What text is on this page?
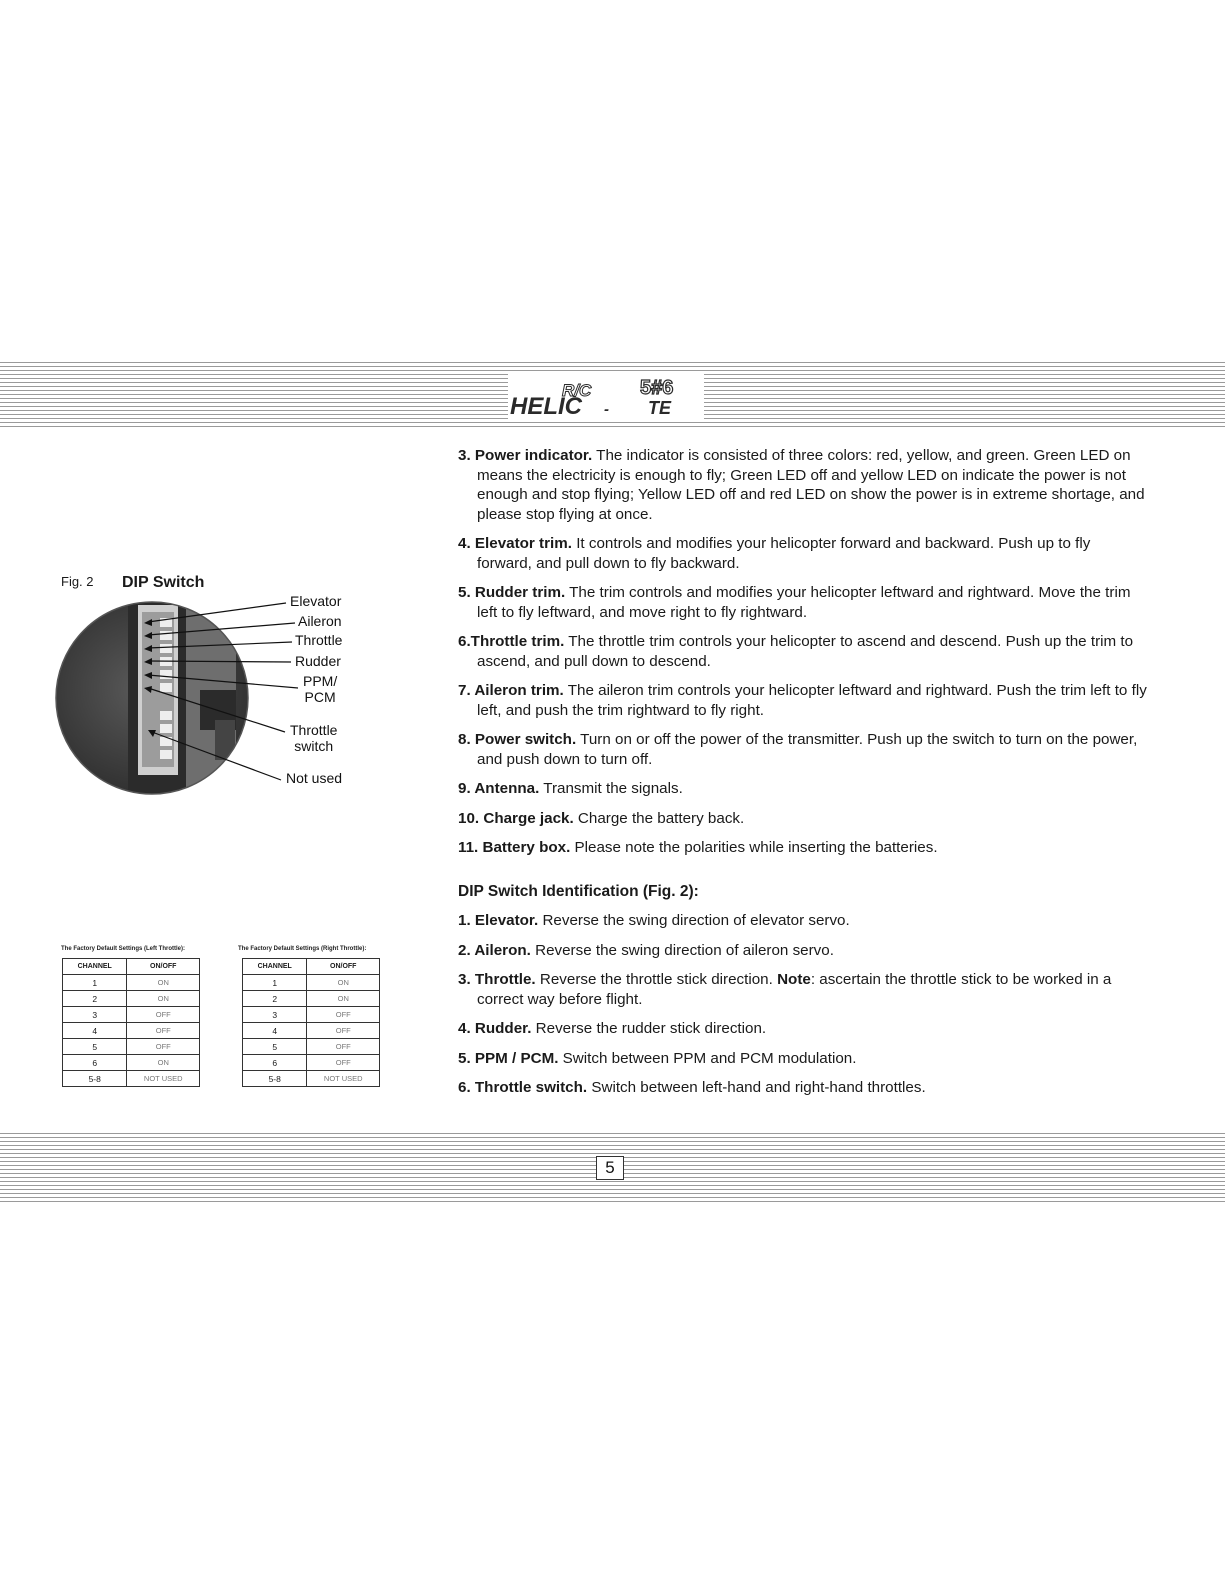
HELIC - TE
R/C 5#6
Fig. 2 DIP Switch
Elevator
Aileron
Throttle
Rudder
PPM/
PCM
Throttle
switch
Not used
The Factory Default Settings (Left Throttle):
CHANNEL	ON/OFF
1	ON
2	ON
3	OFF
4	OFF
5	OFF
6	ON
5-8	NOT USED
The Factory Default Settings (Right Throttle):
CHANNEL	ON/OFF
1	ON
2	ON
3	OFF
4	OFF
5	OFF
6	OFF
5-8	NOT USED
3. Power indicator. The indicator is consisted of three colors: red, yellow, and green. Green LED on means the electricity is enough to fly; Green LED off and yellow LED on indicate the power is not enough and stop flying; Yellow LED off and red LED on show the power is in extreme shortage, and please stop flying at once.
4. Elevator trim. It controls and modifies your helicopter forward and backward. Push up to fly forward, and pull down to fly backward.
5. Rudder trim. The trim controls and modifies your helicopter leftward and rightward. Move the trim left to fly leftward, and move right to fly rightward.
6.Throttle trim. The throttle trim controls your helicopter to ascend and descend. Push up the trim to ascend, and pull down to descend.
7. Aileron trim. The aileron trim controls your helicopter leftward and rightward. Push the trim left to fly left, and push the trim rightward to fly right.
8. Power switch. Turn on or off the power of the transmitter. Push up the switch to turn on the power, and push down to turn off.
9. Antenna. Transmit the signals.
10. Charge jack. Charge the battery back.
11. Battery box. Please note the polarities while inserting the batteries.
DIP Switch Identification (Fig. 2):
1. Elevator. Reverse the swing direction of elevator servo.
2. Aileron. Reverse the swing direction of aileron servo.
3. Throttle. Reverse the throttle stick direction. Note: ascertain the throttle stick to be worked in a correct way before flight.
4. Rudder. Reverse the rudder stick direction.
5. PPM / PCM. Switch between PPM and PCM modulation.
6. Throttle switch. Switch between left-hand and right-hand throttles.
5
